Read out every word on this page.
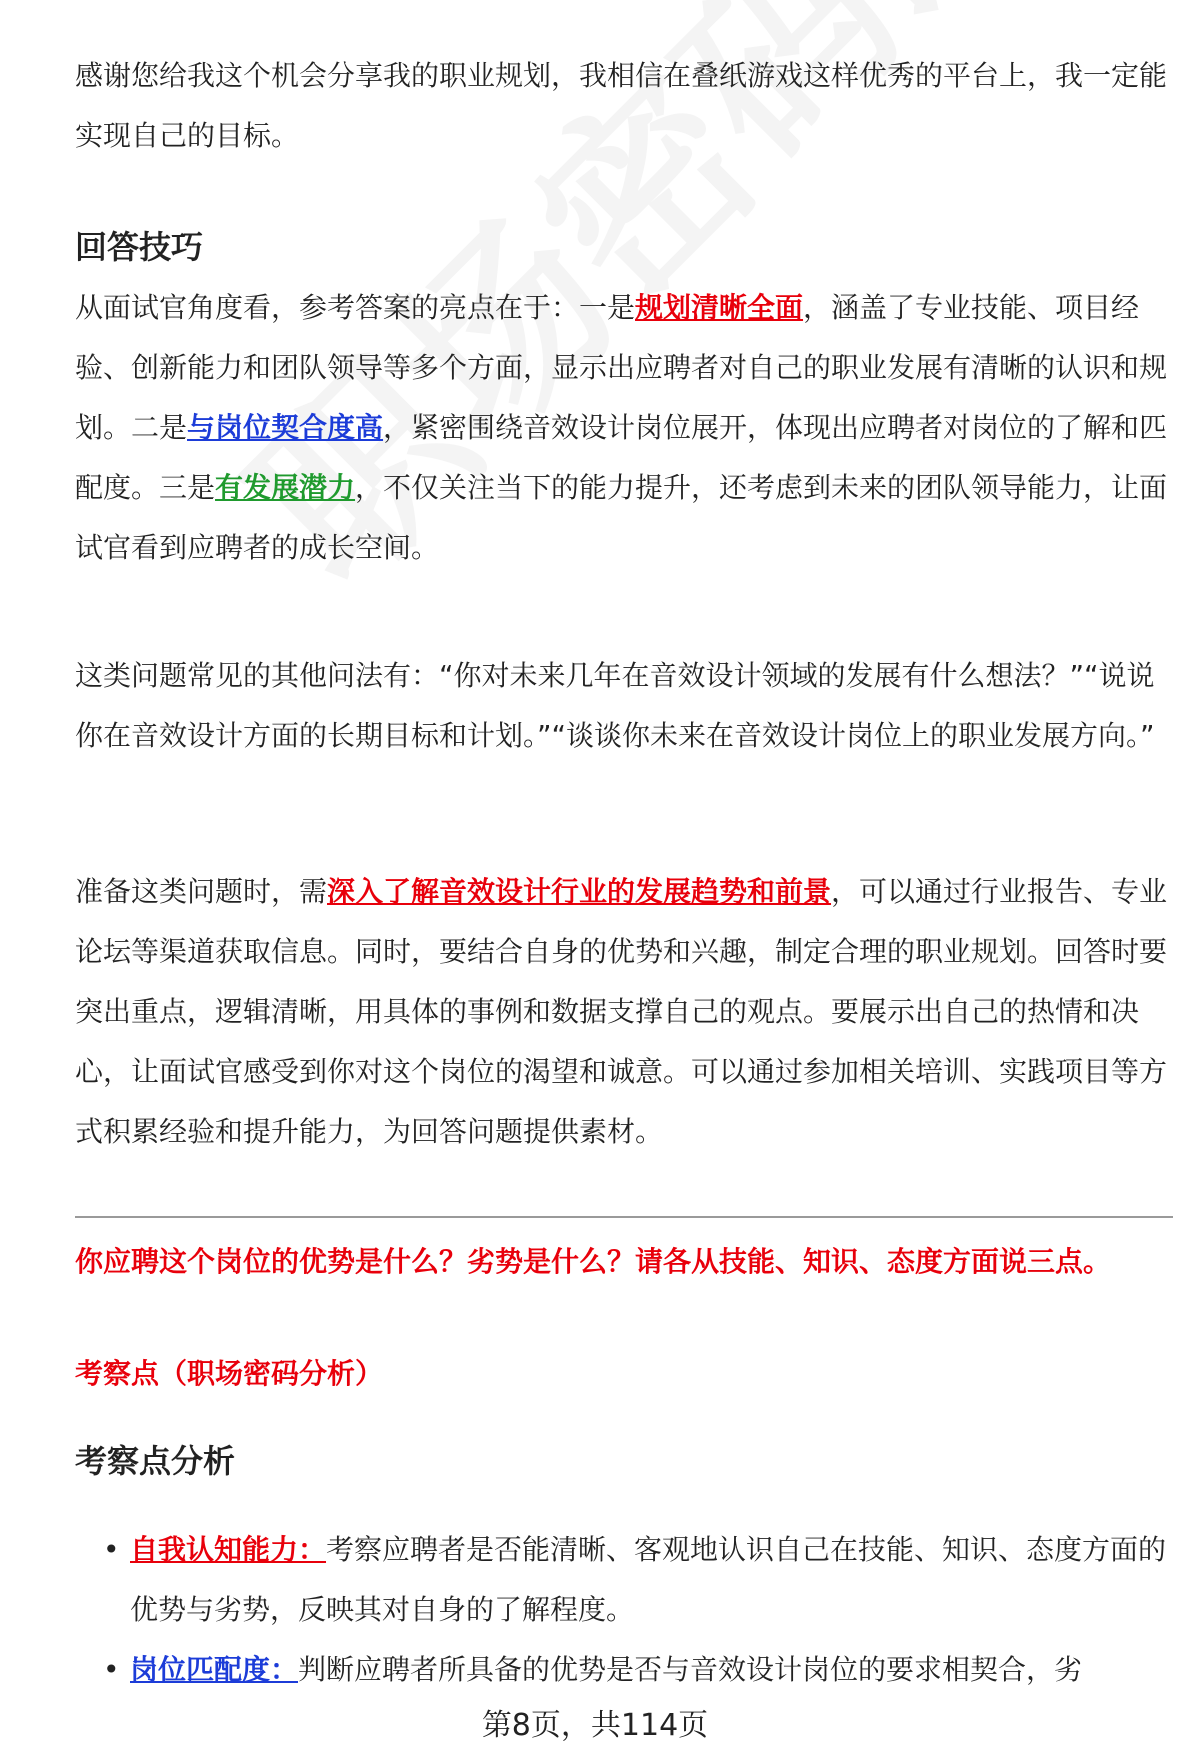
感谢您给我这个机会分享我的职业规划，我相信在叠纸游戏这样优秀的平台上，我一定能实现自己的目标。

回答技巧

从面试官角度看，参考答案的亮点在于：一是规划清晰全面，涵盖了专业技能、项目经验、创新能力和团队领导等多个方面，显示出应聘者对自己的职业发展有清晰的认识和规划。二是与岗位契合度高，紧密围绕音效设计岗位展开，体现出应聘者对岗位的了解和匹配度。三是有发展潜力，不仅关注当下的能力提升，还考虑到未来的团队领导能力，让面试官看到应聘者的成长空间。

这类问题常见的其他问法有：“你对未来几年在音效设计领域的发展有什么想法？”“说说你在音效设计方面的长期目标和计划。”“谈谈你未来在音效设计岗位上的职业发展方向。”

准备这类问题时，需深入了解音效设计行业的发展趋势和前景，可以通过行业报告、专业论坛等渠道获取信息。同时，要结合自身的优势和兴趣，制定合理的职业规划。回答时要突出重点，逻辑清晰，用具体的事例和数据支撑自己的观点。要展示出自己的热情和决心，让面试官感受到你对这个岗位的渴望和诚意。可以通过参加相关培训、实践项目等方式积累经验和提升能力，为回答问题提供素材。

你应聘这个岗位的优势是什么？劣势是什么？请各从技能、知识、态度方面说三点。

考察点（职场密码分析）

考察点分析
• 自我认知能力：考察应聘者是否能清晰、客观地认识自己在技能、知识、态度方面的优势与劣势，反映其对自身的了解程度。
• 岗位匹配度：判断应聘者所具备的优势是否与音效设计岗位的要求相契合，劣
第8页，共114页
